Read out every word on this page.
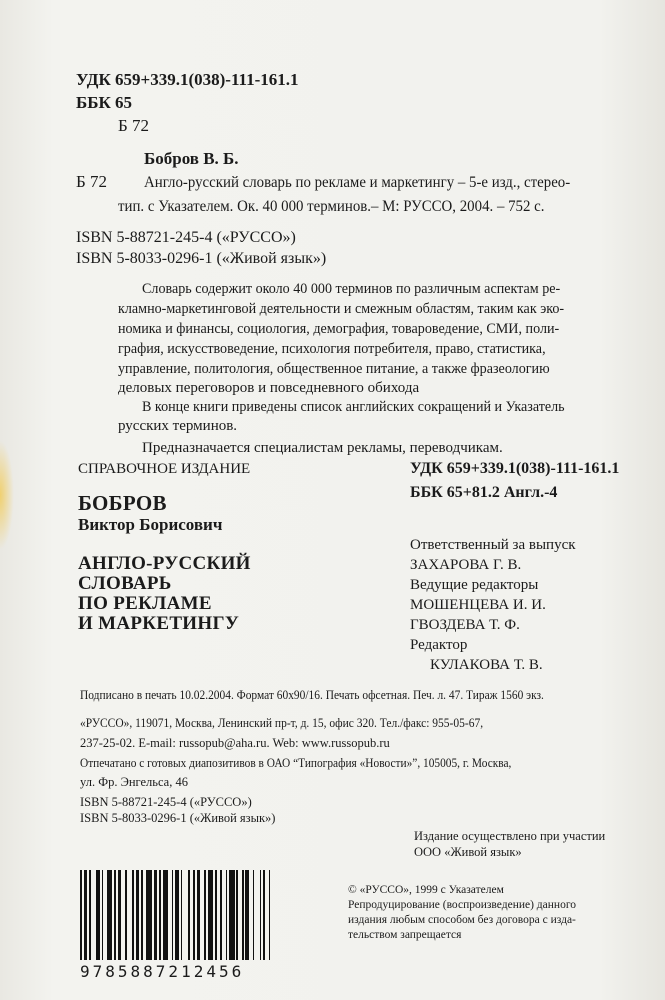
УДК 659+339.1(038)-111-161.1
ББК 65
Б 72
Бобров В. Б.
Б 72 Англо-русский словарь по рекламе и маркетингу – 5-е изд., стерео-
тип. с Указателем. Ок. 40 000 терминов.– М: РУССО, 2004. – 752 с.
ISBN 5-88721-245-4 («РУССО»)
ISBN 5-8033-0296-1 («Живой язык»)
Словарь содержит около 40 000 терминов по различным аспектам ре-
кламно-маркетинговой деятельности и смежным областям, таким как эко-
номика и финансы, социология, демография, товароведение, СМИ, поли-
графия, искусствоведение, психология потребителя, право, статистика,
управление, политология, общественное питание, а также фразеологию
деловых переговоров и повседневного обихода
В конце книги приведены список английских сокращений и Указатель
русских терминов.
Предназначается специалистам рекламы, переводчикам.
СПРАВОЧНОЕ ИЗДАНИЕ	УДК 659+339.1(038)-111-161.1
ББК 65+81.2 Англ.-4
БОБРОВ
Виктор Борисович
АНГЛО-РУССКИЙ
СЛОВАРЬ
ПО РЕКЛАМЕ
И МАРКЕТИНГУ
Ответственный за выпуск
ЗАХАРОВА Г. В.
Ведущие редакторы
МОШЕНЦЕВА И. И.
ГВОЗДЕВА Т. Ф.
Редактор
КУЛАКОВА Т. В.
Подписано в печать 10.02.2004. Формат 60х90/16. Печать офсетная. Печ. л. 47. Тираж 1560 экз.
«РУССО», 119071, Москва, Ленинский пр-т, д. 15, офис 320. Тел./факс: 955-05-67,
237-25-02. E-mail: russopub@aha.ru. Web: www.russopub.ru
Отпечатано с готовых диапозитивов в ОАО “Типография «Новости»”, 105005, г. Москва,
ул. Фр. Энгельса, 46
ISBN 5-88721-245-4 («РУССО»)
ISBN 5-8033-0296-1 («Живой язык»)
Издание осуществлено при участии
ООО «Живой язык»
© «РУССО», 1999 с Указателем
Репродуцирование (воспроизведение) данного
издания любым способом без договора с изда-
тельством запрещается
9785887212456
